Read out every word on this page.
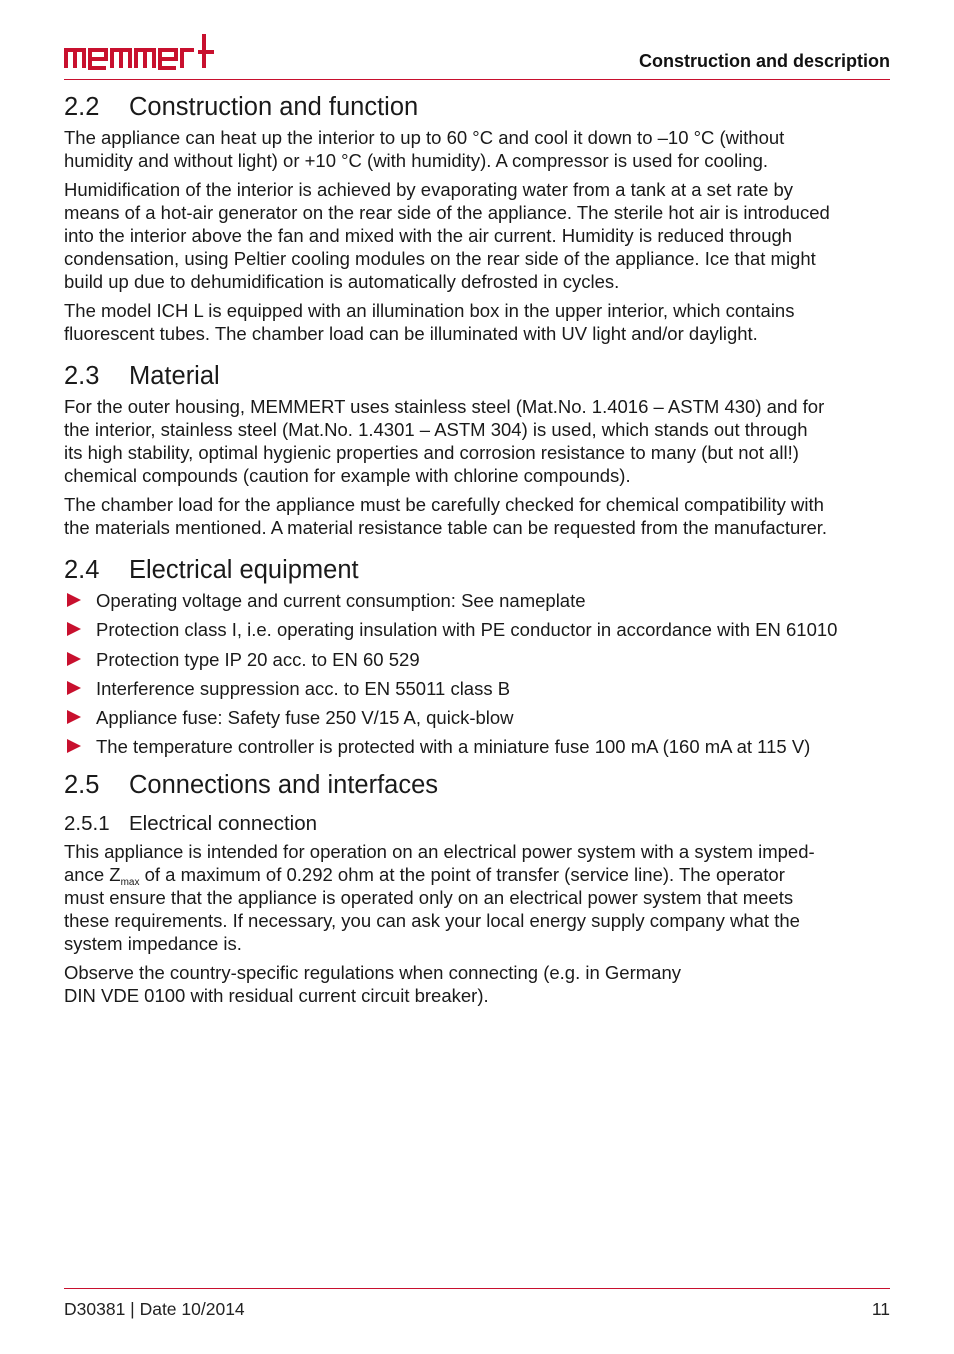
Construction and description
2.2 Construction and function

The appliance can heat up the interior to up to 60 °C and cool it down to –10 °C (without
humidity and without light) or +10 °C (with humidity). A compressor is used for cooling.

Humidification of the interior is achieved by evaporating water from a tank at a set rate by
means of a hot-air generator on the rear side of the appliance. The sterile hot air is introduced
into the interior above the fan and mixed with the air current. Humidity is reduced through
condensation, using Peltier cooling modules on the rear side of the appliance. Ice that might
build up due to dehumidification is automatically defrosted in cycles.

The model ICH L is equipped with an illumination box in the upper interior, which contains
fluorescent tubes. The chamber load can be illuminated with UV light and/or daylight.

2.3 Material

For the outer housing, MEMMERT uses stainless steel (Mat.No. 1.4016 – ASTM 430) and for
the interior, stainless steel (Mat.No. 1.4301 – ASTM 304) is used, which stands out through
its high stability, optimal hygienic properties and corrosion resistance to many (but not all!)
chemical compounds (caution for example with chlorine compounds).

The chamber load for the appliance must be carefully checked for chemical compatibility with
the materials mentioned. A material resistance table can be requested from the manufacturer.

2.4 Electrical equipment
Operating voltage and current consumption: See nameplate
Protection class I, i.e. operating insulation with PE conductor in accordance with EN 61010
Protection type IP 20 acc. to EN 60 529
Interference suppression acc. to EN 55011 class B
Appliance fuse: Safety fuse 250 V/15 A, quick-blow
The temperature controller is protected with a miniature fuse 100 mA (160 mA at 115 V)
2.5 Connections and interfaces
2.5.1 Electrical connection

This appliance is intended for operation on an electrical power system with a system imped-
ance $Z_{max}$ of a maximum of 0.292 ohm at the point of transfer (service line). The operator
must ensure that the appliance is operated only on an electrical power system that meets
these requirements. If necessary, you can ask your local energy supply company what the
system impedance is.

Observe the country-specific regulations when connecting (e.g. in Germany
DIN VDE 0100 with residual current circuit breaker).

D30381 | Date 10/2014	11
